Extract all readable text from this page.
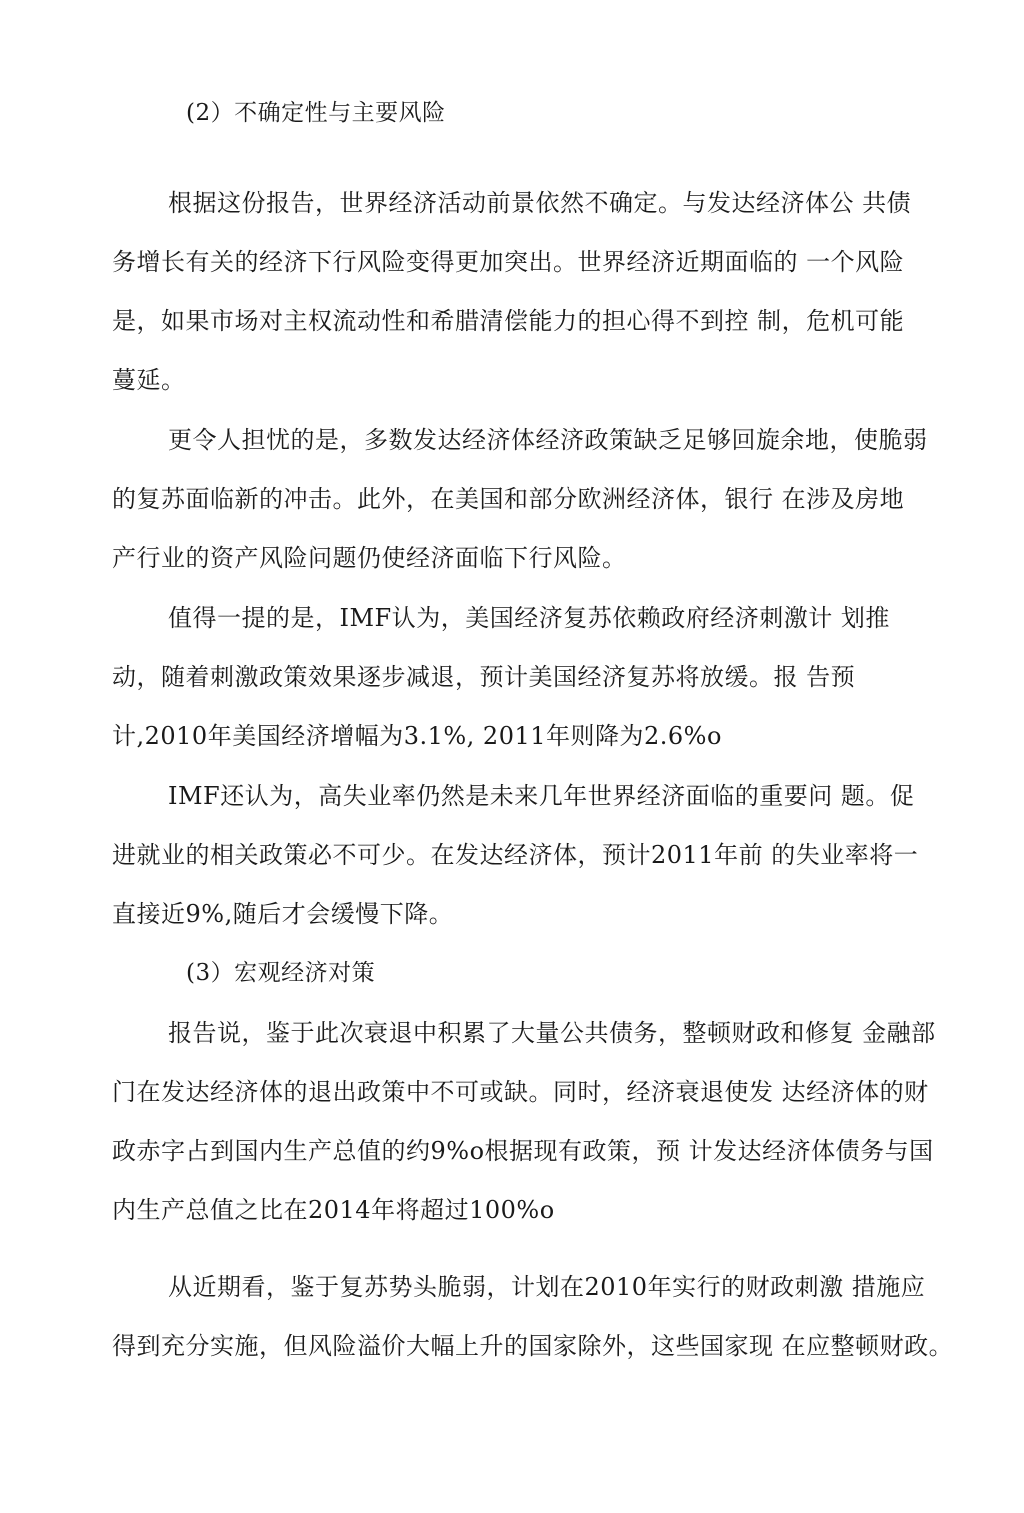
(2）不确定性与主要风险
根据这份报告，世界经济活动前景依然不确定。与发达经济体公 共债
务增长有关的经济下行风险变得更加突出。世界经济近期面临的 一个风险
是，如果市场对主权流动性和希腊清偿能力的担心得不到控 制，危机可能
蔓延。
更令人担忧的是，多数发达经济体经济政策缺乏足够回旋余地，使脆弱
的复苏面临新的冲击。此外，在美国和部分欧洲经济体，银行 在涉及房地
产行业的资产风险问题仍使经济面临下行风险。
值得一提的是，IMF认为，美国经济复苏依赖政府经济刺激计 划推
动，随着刺激政策效果逐步减退，预计美国经济复苏将放缓。报 告预
计,2010年美国经济增幅为3.1%, 2011年则降为2.6%o
IMF还认为，高失业率仍然是未来几年世界经济面临的重要问 题。促
进就业的相关政策必不可少。在发达经济体，预计2011年前 的失业率将一
直接近9%,随后才会缓慢下降。
(3）宏观经济对策
报告说，鉴于此次衰退中积累了大量公共债务，整顿财政和修复 金融部
门在发达经济体的退出政策中不可或缺。同时，经济衰退使发 达经济体的财
政赤字占到国内生产总值的约9%o根据现有政策，预 计发达经济体债务与国
内生产总值之比在2014年将超过100%o
从近期看，鉴于复苏势头脆弱，计划在2010年实行的财政刺激 措施应
得到充分实施，但风险溢价大幅上升的国家除外，这些国家现 在应整顿财政。
